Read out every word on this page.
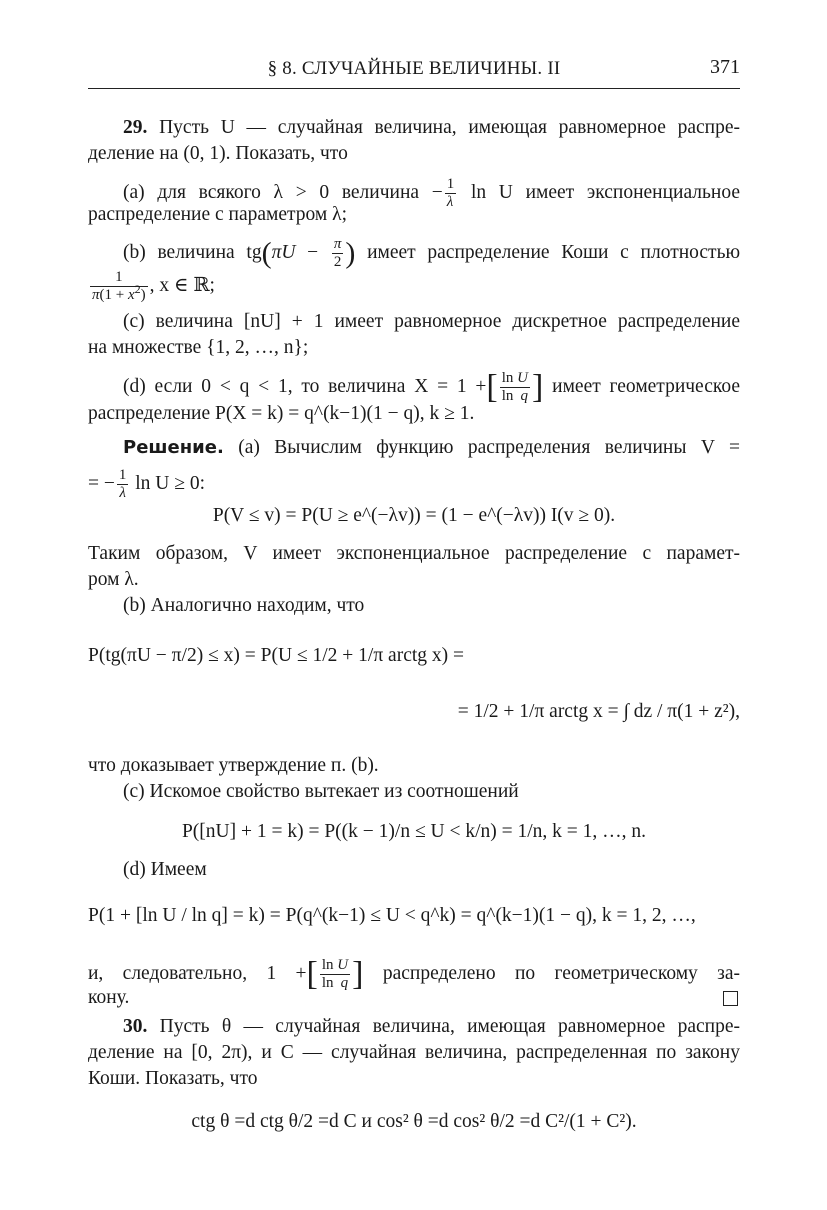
§ 8. СЛУЧАЙНЫЕ ВЕЛИЧИНЫ. II	371
29. Пусть U — случайная величина, имеющая равномерное распре-
деление на (0, 1). Показать, что
(a) для всякого λ > 0 величина − $\frac{1}{\lambda}$ ln U имеет экспоненциальное
распределение с параметром λ;
(b) величина $tg(\pi U - \frac{\pi}{2}$ ) имеет распределение Коши с плотностью
$\frac{1}{\pi(1 + x^2)}$ , x ∈ ℝ;
(c) величина [nU] + 1 имеет равномерное дискретное распределение
на множестве {1, 2, …, n};
(d) если 0 < q < 1, то величина X = 1 +[ $\frac{\text{ln U}}{\text{ln q}}$ ] имеет геометрическое
распределение P(X = k) = q^(k−1)(1 − q), k ≥ 1.
Решение. (a) Вычислим функцию распределения величины V =
= − $\frac{1}{\lambda}$ ln U ≥ 0:
P(V ≤ v) = P(U ≥ e^(−λv)) = (1 − e^(−λv)) I(v ≥ 0).
Таким образом, V имеет экспоненциальное распределение с парамет-
ром λ.
(b) Аналогично находим, что
P(tg(πU − π/2) ≤ x) = P(U ≤ 1/2 + 1/π arctg x) =
= 1/2 + 1/π arctg x = ∫ dz / π(1 + z²),
что доказывает утверждение п. (b).
(c) Искомое свойство вытекает из соотношений
P([nU] + 1 = k) = P((k − 1)/n ≤ U < k/n) = 1/n, k = 1, …, n.
(d) Имеем
P(1 + [ln U / ln q] = k) = P(q^(k−1) ≤ U < q^k) = q^(k−1)(1 − q), k = 1, 2, …,
и, следовательно, 1 +[ $\frac{\text{ln U}}{\text{ln q}}$ ] распределено по геометрическому за-
кону.
30. Пусть θ — случайная величина, имеющая равномерное распре-
деление на [0, 2π), и C — случайная величина, распределенная по закону
Коши. Показать, что
ctg θ =d ctg θ/2 =d C и cos² θ =d cos² θ/2 =d C²/(1 + C²).
